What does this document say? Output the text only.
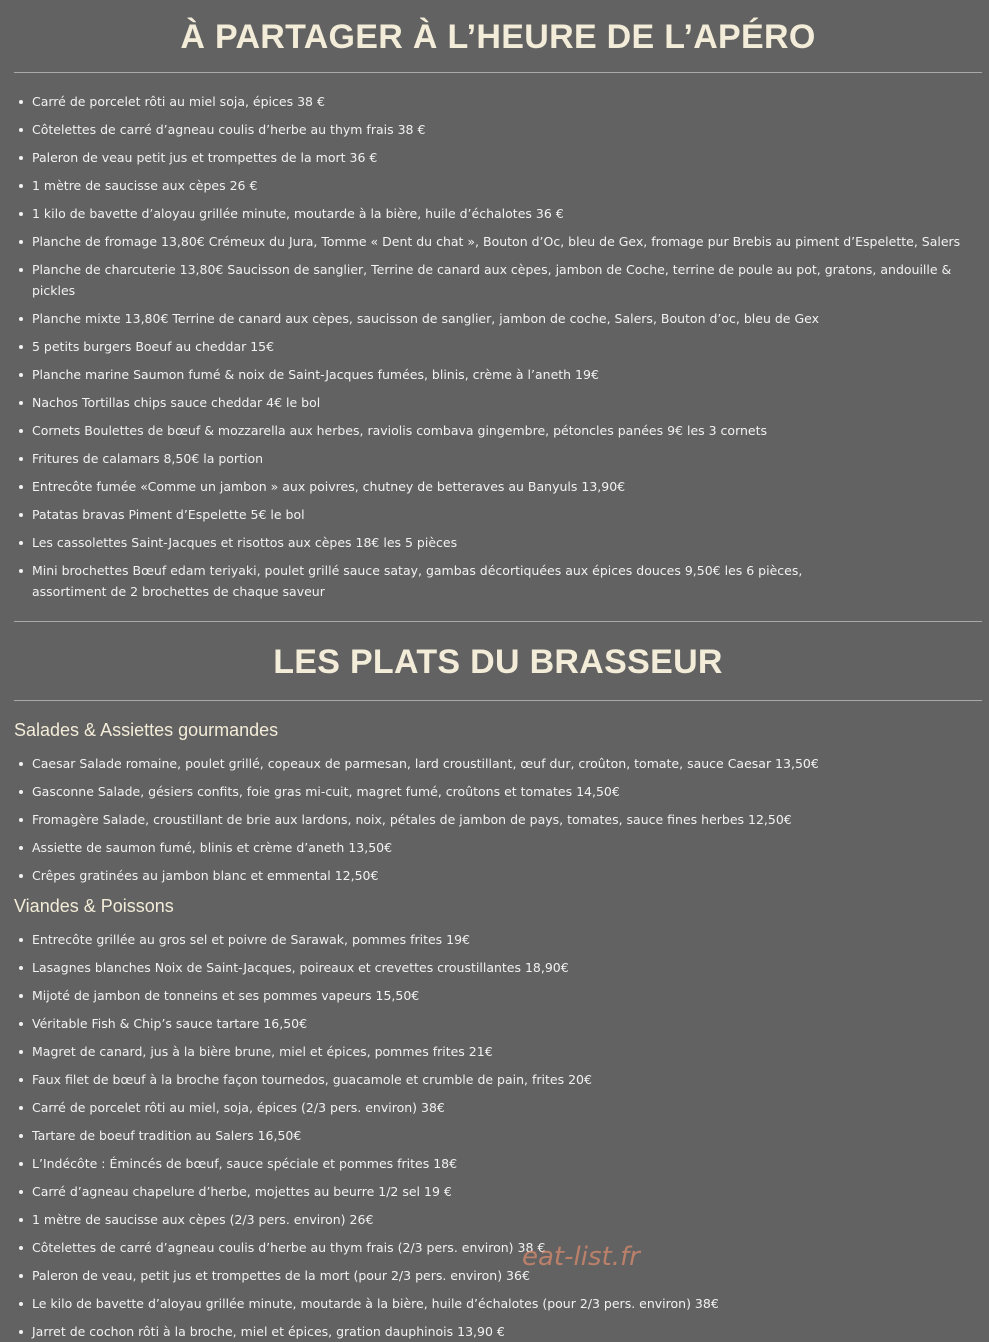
À PARTAGER À L’HEURE DE L’APÉRO
Carré de porcelet rôti au miel soja, épices 38 €
Côtelettes de carré d’agneau coulis d’herbe au thym frais 38 €
Paleron de veau petit jus et trompettes de la mort 36 €
1 mètre de saucisse aux cèpes 26 €
1 kilo de bavette d’aloyau grillée minute, moutarde à la bière, huile d’échalotes 36 €
Planche de fromage 13,80€ Crémeux du Jura, Tomme « Dent du chat », Bouton d’Oc, bleu de Gex, fromage pur Brebis au piment d’Espelette, Salers
Planche de charcuterie 13,80€ Saucisson de sanglier, Terrine de canard aux cèpes, jambon de Coche, terrine de poule au pot, gratons, andouille & pickles
Planche mixte 13,80€ Terrine de canard aux cèpes, saucisson de sanglier, jambon de coche, Salers, Bouton d’oc, bleu de Gex
5 petits burgers Boeuf au cheddar 15€
Planche marine Saumon fumé & noix de Saint-Jacques fumées, blinis, crème à l’aneth 19€
Nachos Tortillas chips sauce cheddar 4€ le bol
Cornets Boulettes de bœuf & mozzarella aux herbes, raviolis combava gingembre, pétoncles panées 9€ les 3 cornets
Fritures de calamars 8,50€ la portion
Entrecôte fumée «Comme un jambon » aux poivres, chutney de betteraves au Banyuls 13,90€
Patatas bravas Piment d’Espelette 5€ le bol
Les cassolettes Saint-Jacques et risottos aux cèpes 18€ les 5 pièces
Mini brochettes Bœuf edam teriyaki, poulet grillé sauce satay, gambas décortiquées aux épices douces 9,50€ les 6 pièces,
assortiment de 2 brochettes de chaque saveur
LES PLATS DU BRASSEUR
Salades & Assiettes gourmandes
Caesar Salade romaine, poulet grillé, copeaux de parmesan, lard croustillant, œuf dur, croûton, tomate, sauce Caesar 13,50€
Gasconne Salade, gésiers confits, foie gras mi-cuit, magret fumé, croûtons et tomates 14,50€
Fromagère Salade, croustillant de brie aux lardons, noix, pétales de jambon de pays, tomates, sauce fines herbes 12,50€
Assiette de saumon fumé, blinis et crème d’aneth 13,50€
Crêpes gratinées au jambon blanc et emmental 12,50€
Viandes & Poissons
Entrecôte grillée au gros sel et poivre de Sarawak, pommes frites 19€
Lasagnes blanches Noix de Saint-Jacques, poireaux et crevettes croustillantes 18,90€
Mijoté de jambon de tonneins et ses pommes vapeurs 15,50€
Véritable Fish & Chip’s sauce tartare 16,50€
Magret de canard, jus à la bière brune, miel et épices, pommes frites 21€
Faux filet de bœuf à la broche façon tournedos, guacamole et crumble de pain, frites 20€
Carré de porcelet rôti au miel, soja, épices (2/3 pers. environ) 38€
Tartare de boeuf tradition au Salers 16,50€
L’Indécôte : Émincés de bœuf, sauce spéciale et pommes frites 18€
Carré d’agneau chapelure d’herbe, mojettes au beurre 1/2 sel 19 €
1 mètre de saucisse aux cèpes (2/3 pers. environ) 26€
Côtelettes de carré d’agneau coulis d’herbe au thym frais (2/3 pers. environ) 38 €
Paleron de veau, petit jus et trompettes de la mort (pour 2/3 pers. environ) 36€
Le kilo de bavette d’aloyau grillée minute, moutarde à la bière, huile d’échalotes (pour 2/3 pers. environ) 38€
Jarret de cochon rôti à la broche, miel et épices, gration dauphinois 13,90 €
eat-list.fr
